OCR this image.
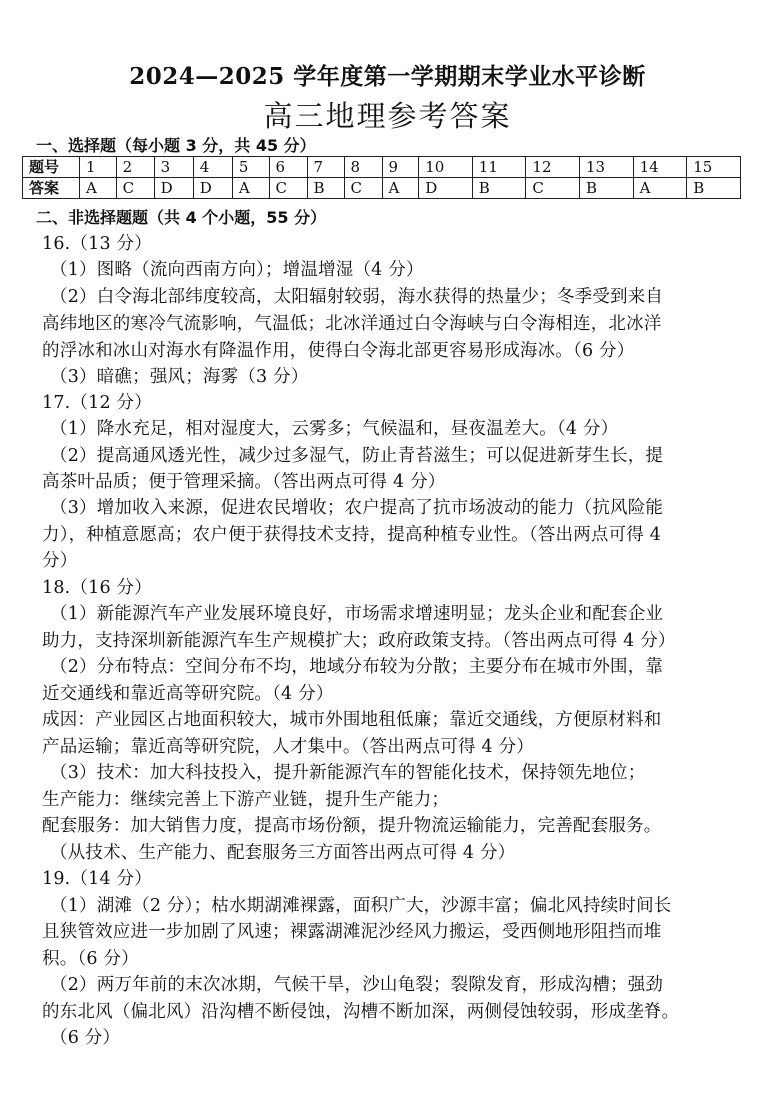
2024—2025 学年度第一学期期末学业水平诊断
高三地理参考答案
一、选择题（每小题 3 分，共 45 分）
题号	1	2	3	4	5	6	7	8	9	10	11	12	13	14	15
答案	A	C	D	D	A	C	B	C	A	D	B	C	B	A	B
二、非选择题题（共 4 个小题，55 分）
16.（13 分）
（1）图略（流向西南方向）；增温增湿（4 分）
（2）白令海北部纬度较高，太阳辐射较弱，海水获得的热量少；冬季受到来自
高纬地区的寒冷气流影响，气温低；北冰洋通过白令海峡与白令海相连，北冰洋
的浮冰和冰山对海水有降温作用，使得白令海北部更容易形成海冰。（6 分）
（3）暗礁；强风；海雾（3 分）
17.（12 分）
（1）降水充足，相对湿度大，云雾多；气候温和，昼夜温差大。（4 分）
（2）提高通风透光性，减少过多湿气，防止青苔滋生；可以促进新芽生长，提
高茶叶品质；便于管理采摘。（答出两点可得 4 分）
（3）增加收入来源，促进农民增收；农户提高了抗市场波动的能力（抗风险能
力），种植意愿高；农户便于获得技术支持，提高种植专业性。（答出两点可得 4
分）
18.（16 分）
（1）新能源汽车产业发展环境良好，市场需求增速明显；龙头企业和配套企业
助力，支持深圳新能源汽车生产规模扩大；政府政策支持。（答出两点可得 4 分）
（2）分布特点：空间分布不均，地域分布较为分散；主要分布在城市外围，靠
近交通线和靠近高等研究院。（4 分）
成因：产业园区占地面积较大，城市外围地租低廉；靠近交通线，方便原材料和
产品运输；靠近高等研究院，人才集中。（答出两点可得 4 分）
（3）技术：加大科技投入，提升新能源汽车的智能化技术，保持领先地位；
生产能力：继续完善上下游产业链，提升生产能力；
配套服务：加大销售力度，提高市场份额，提升物流运输能力，完善配套服务。
（从技术、生产能力、配套服务三方面答出两点可得 4 分）
19.（14 分）
（1）湖滩（2 分）；枯水期湖滩裸露，面积广大，沙源丰富；偏北风持续时间长
且狭管效应进一步加剧了风速；裸露湖滩泥沙经风力搬运，受西侧地形阻挡而堆
积。（6 分）
（2）两万年前的末次冰期，气候干旱，沙山龟裂；裂隙发育，形成沟槽；强劲
的东北风（偏北风）沿沟槽不断侵蚀，沟槽不断加深，两侧侵蚀较弱，形成垄脊。
（6 分）
